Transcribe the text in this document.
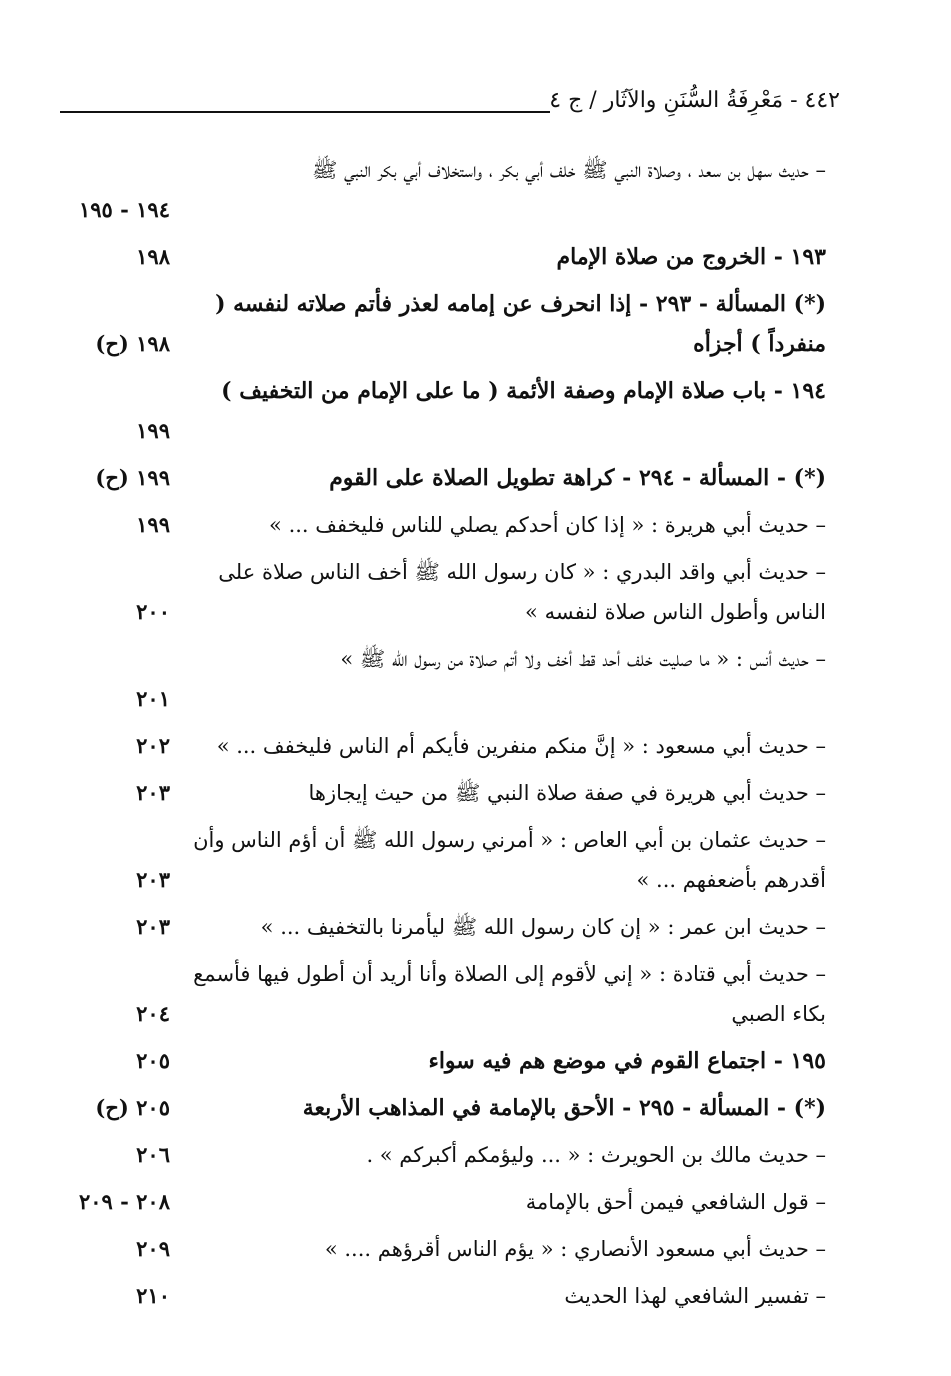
٤٤٢ - مَعْرِفَةُ السُّنَنِ والآثَار / ج ٤
– حديث سهل بن سعد ، وصلاة النبي ﷺ خلف أبي بكر ، واستخلاف أبي بكر النبي ﷺ
١٩٤ - ١٩٥
١٩٣ - الخروج من صلاة الإمام
١٩٨
(*) المسألة - ٢٩٣ - إذا انحرف عن إمامه لعذر فأتم صلاته لنفسه ( منفرداً ) أجزأه
١٩٨ (ح)
١٩٤ - باب صلاة الإمام وصفة الأئمة ( ما على الإمام من التخفيف )
١٩٩
(*) - المسألة - ٢٩٤ - كراهة تطويل الصلاة على القوم
١٩٩ (ح)
– حديث أبي هريرة : « إذا كان أحدكم يصلي للناس فليخفف ... »
١٩٩
– حديث أبي واقد البدري : « كان رسول الله ﷺ أخف الناس صلاة على الناس وأطول الناس صلاة لنفسه »
٢٠٠
– حديث أنس : « ما صليت خلف أحد قط أخف ولا أتم صلاة من رسول الله ﷺ »
٢٠١
– حديث أبي مسعود : « إنَّ منكم منفرين فأيكم أم الناس فليخفف ... »
٢٠٢
– حديث أبي هريرة في صفة صلاة النبي ﷺ من حيث إيجازها
٢٠٣
– حديث عثمان بن أبي العاص : « أمرني رسول الله ﷺ أن أؤم الناس وأن أقدرهم بأضعفهم ... »
٢٠٣
– حديث ابن عمر : « إن كان رسول الله ﷺ ليأمرنا بالتخفيف ... »
٢٠٣
– حديث أبي قتادة : « إني لأقوم إلى الصلاة وأنا أريد أن أطول فيها فأسمع بكاء الصبي
٢٠٤
١٩٥ - اجتماع القوم في موضع هم فيه سواء
٢٠٥
(*) - المسألة - ٢٩٥ - الأحق بالإمامة في المذاهب الأربعة
٢٠٥ (ح)
– حديث مالك بن الحويرث : « ... وليؤمكم أكبركم » .
٢٠٦
– قول الشافعي فيمن أحق بالإمامة
٢٠٨ - ٢٠٩
– حديث أبي مسعود الأنصاري : « يؤم الناس أقرؤهم .... »
٢٠٩
– تفسير الشافعي لهذا الحديث
٢١٠
